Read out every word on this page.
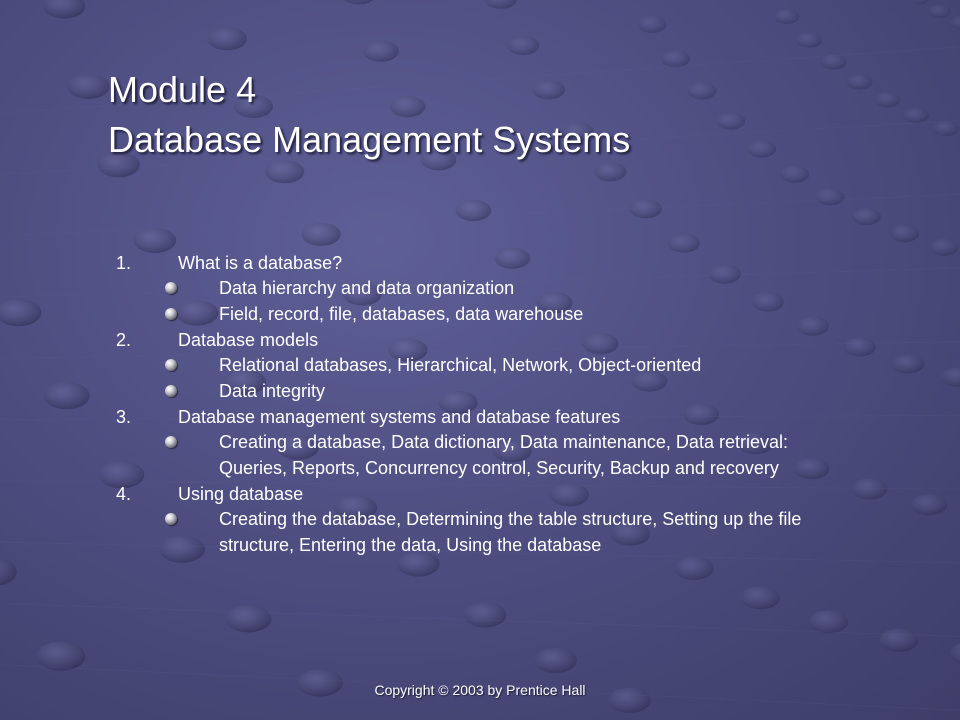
Module 4
Database Management Systems
1.	What is a database?
Data hierarchy and data organization
Field, record, file, databases, data warehouse
2.	Database models
Relational databases, Hierarchical, Network, Object-oriented
Data integrity
3.	Database management systems and database features
Creating a database, Data dictionary, Data maintenance, Data retrieval: Queries, Reports, Concurrency control, Security, Backup and recovery
4.	Using database
Creating the database, Determining the table structure, Setting up the file structure, Entering the data, Using the database
Copyright © 2003 by Prentice Hall
